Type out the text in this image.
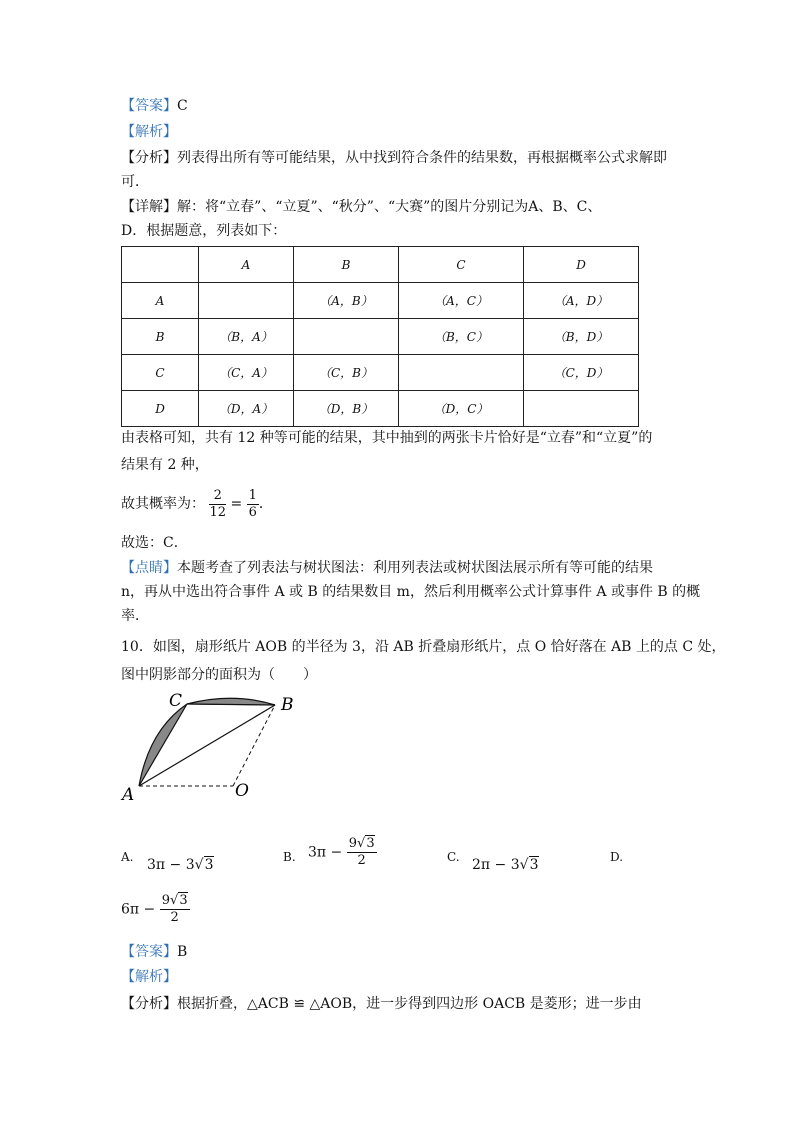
【答案】C
【解析】
【分析】列表得出所有等可能结果，从中找到符合条件的结果数，再根据概率公式求解即
可．
【详解】解：将“立春”、“立夏”、“秋分”、“大赛”的图片分别记为A、B、C、
D．根据题意，列表如下：
	A	B	C	D
A		（A，B）	（A，C）	（A，D）
B	（B，A）		（B，C）	（B，D）
C	（C，A）	（C，B）		（C，D）
D	（D，A）	（D，B）	（D，C）	
由表格可知，共有 12 种等可能的结果，其中抽到的两张卡片恰好是“立春”和“立夏”的
结果有 2 种，
故其概率为： $\frac{2}{12} = \frac{1}{6}$ ．
故选：C．
【点睛】本题考查了列表法与树状图法：利用列表法或树状图法展示所有等可能的结果
n，再从中选出符合事件 A 或 B 的结果数目 m，然后利用概率公式计算事件 A 或事件 B 的概
率．
10．如图，扇形纸片 AOB 的半径为 3，沿 AB 折叠扇形纸片，点 O 恰好落在 AB 上的点 C 处，
图中阴影部分的面积为（　　）
C	B
A	O
A. 3π − 3√3	B. $3\pi - \frac{9√3}{2}$	C. 2π − 3√3	D.
$6\pi - \frac{9√3}{2}$
【答案】B
【解析】
【分析】根据折叠，△ACB ≌ △AOB，进一步得到四边形 OACB 是菱形；进一步由
